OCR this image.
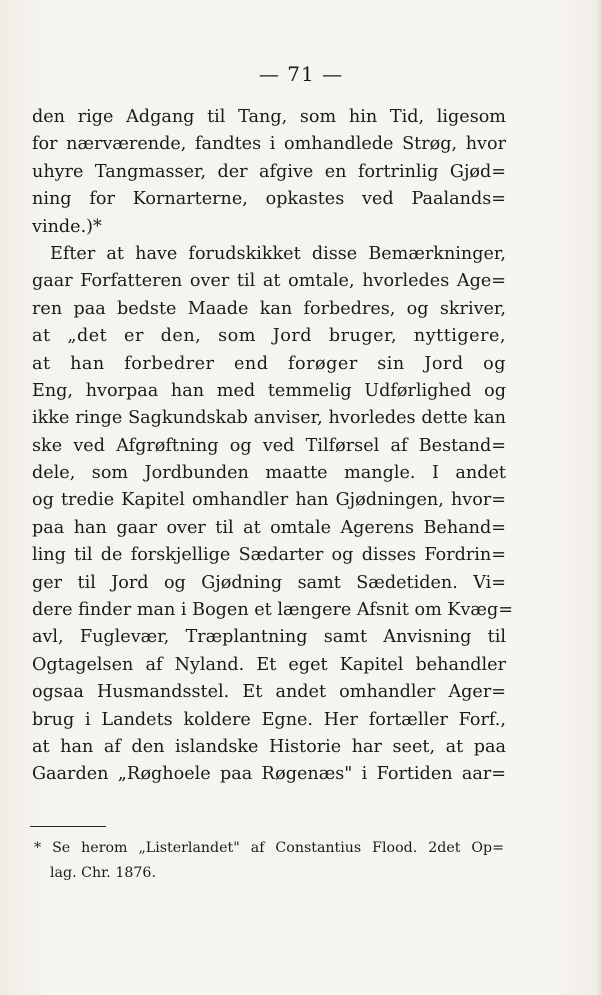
— 71 —
den rige Adgang til Tang, som hin Tid, ligesom
for nærværende, fandtes i omhandlede Strøg, hvor
uhyre Tangmasser, der afgive en fortrinlig Gjød=
ning for Kornarterne, opkastes ved Paalands=
vinde.)*
Efter at have forudskikket disse Bemærkninger,
gaar Forfatteren over til at omtale, hvorledes Age=
ren paa bedste Maade kan forbedres, og skriver,
at „det er den, som Jord bruger, nyttigere,
at han forbedrer end forøger sin Jord og
Eng, hvorpaa han med temmelig Udførlighed og
ikke ringe Sagkundskab anviser, hvorledes dette kan
ske ved Afgrøftning og ved Tilførsel af Bestand=
dele, som Jordbunden maatte mangle. I andet
og tredie Kapitel omhandler han Gjødningen, hvor=
paa han gaar over til at omtale Agerens Behand=
ling til de forskjellige Sædarter og disses Fordrin=
ger til Jord og Gjødning samt Sædetiden. Vi=
dere finder man i Bogen et længere Afsnit om Kvæg=
avl, Fuglevær, Træplantning samt Anvisning til
Ogtagelsen af Nyland. Et eget Kapitel behandler
ogsaa Husmandsstel. Et andet omhandler Ager=
brug i Landets koldere Egne. Her fortæller Forf.,
at han af den islandske Historie har seet, at paa
Gaarden „Røghoele paa Røgenæs" i Fortiden aar=
* Se herom „Listerlandet" af Constantius Flood. 2det Op=
lag. Chr. 1876.
